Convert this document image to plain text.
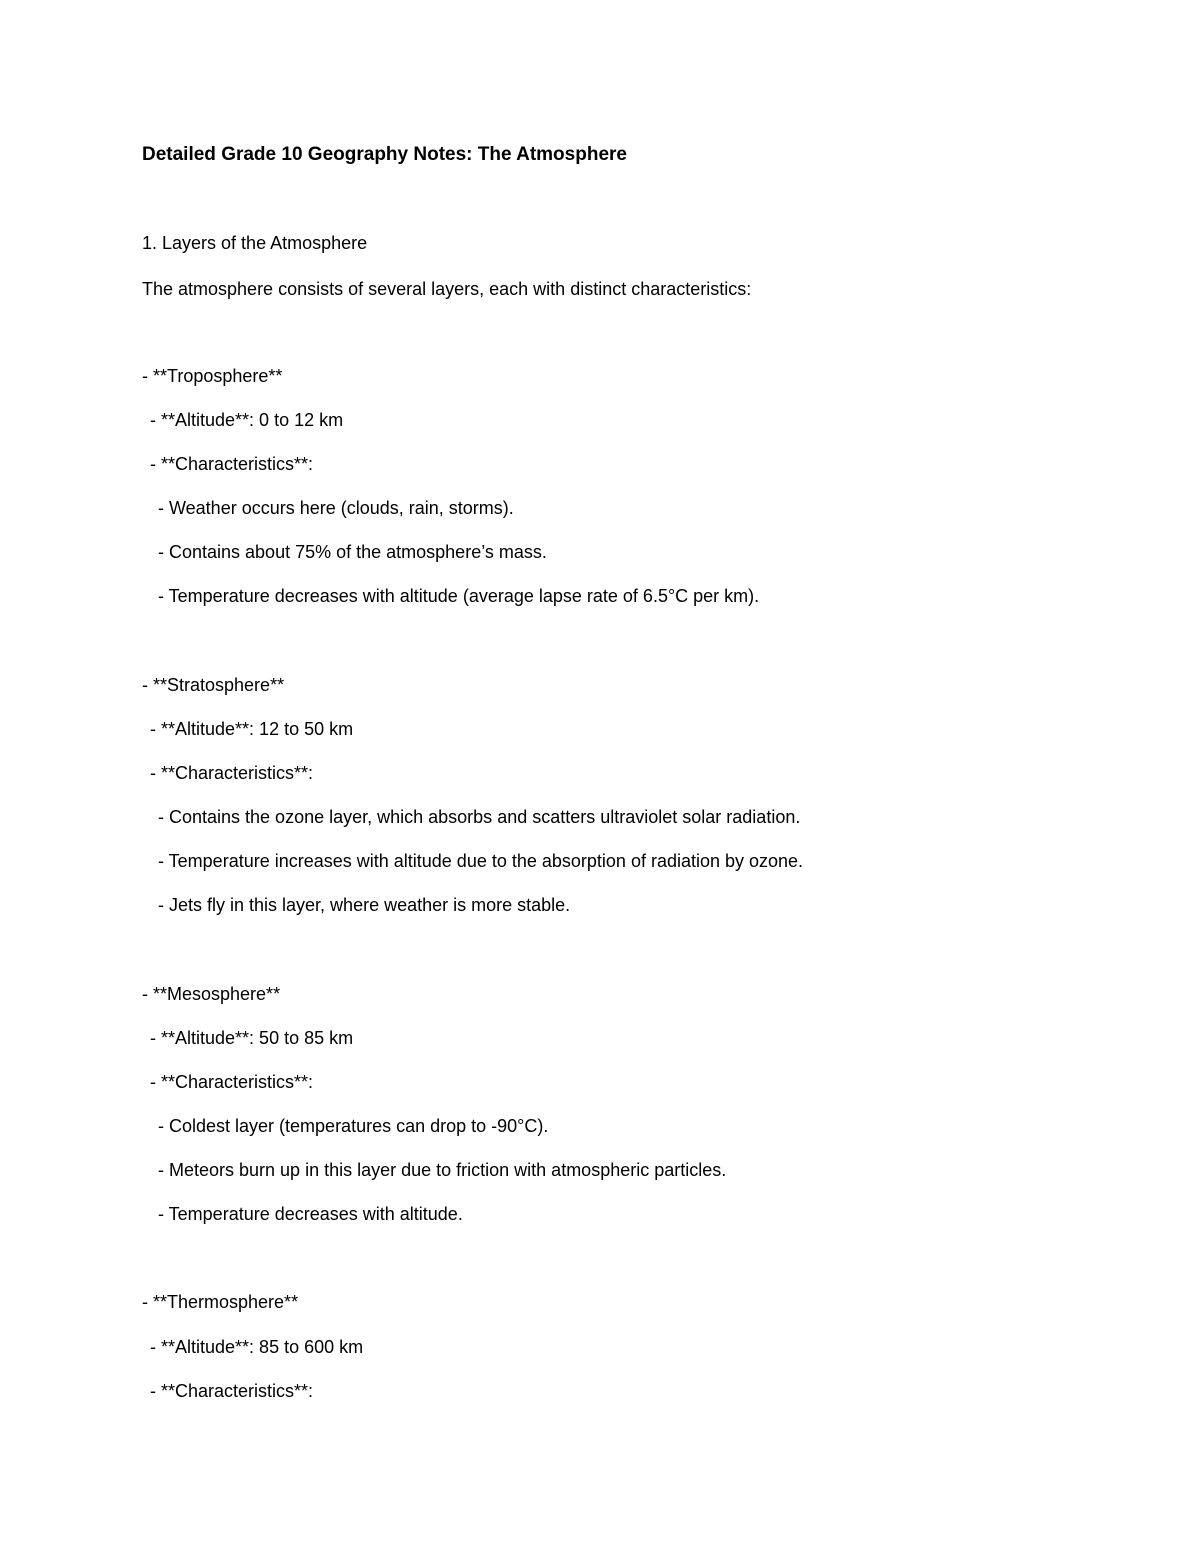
Detailed Grade 10 Geography Notes: The Atmosphere
1. Layers of the Atmosphere
The atmosphere consists of several layers, each with distinct characteristics:
- **Troposphere**
- **Altitude**: 0 to 12 km
- **Characteristics**:
- Weather occurs here (clouds, rain, storms).
- Contains about 75% of the atmosphere’s mass.
- Temperature decreases with altitude (average lapse rate of 6.5°C per km).
- **Stratosphere**
- **Altitude**: 12 to 50 km
- **Characteristics**:
- Contains the ozone layer, which absorbs and scatters ultraviolet solar radiation.
- Temperature increases with altitude due to the absorption of radiation by ozone.
- Jets fly in this layer, where weather is more stable.
- **Mesosphere**
- **Altitude**: 50 to 85 km
- **Characteristics**:
- Coldest layer (temperatures can drop to -90°C).
- Meteors burn up in this layer due to friction with atmospheric particles.
- Temperature decreases with altitude.
- **Thermosphere**
- **Altitude**: 85 to 600 km
- **Characteristics**:
